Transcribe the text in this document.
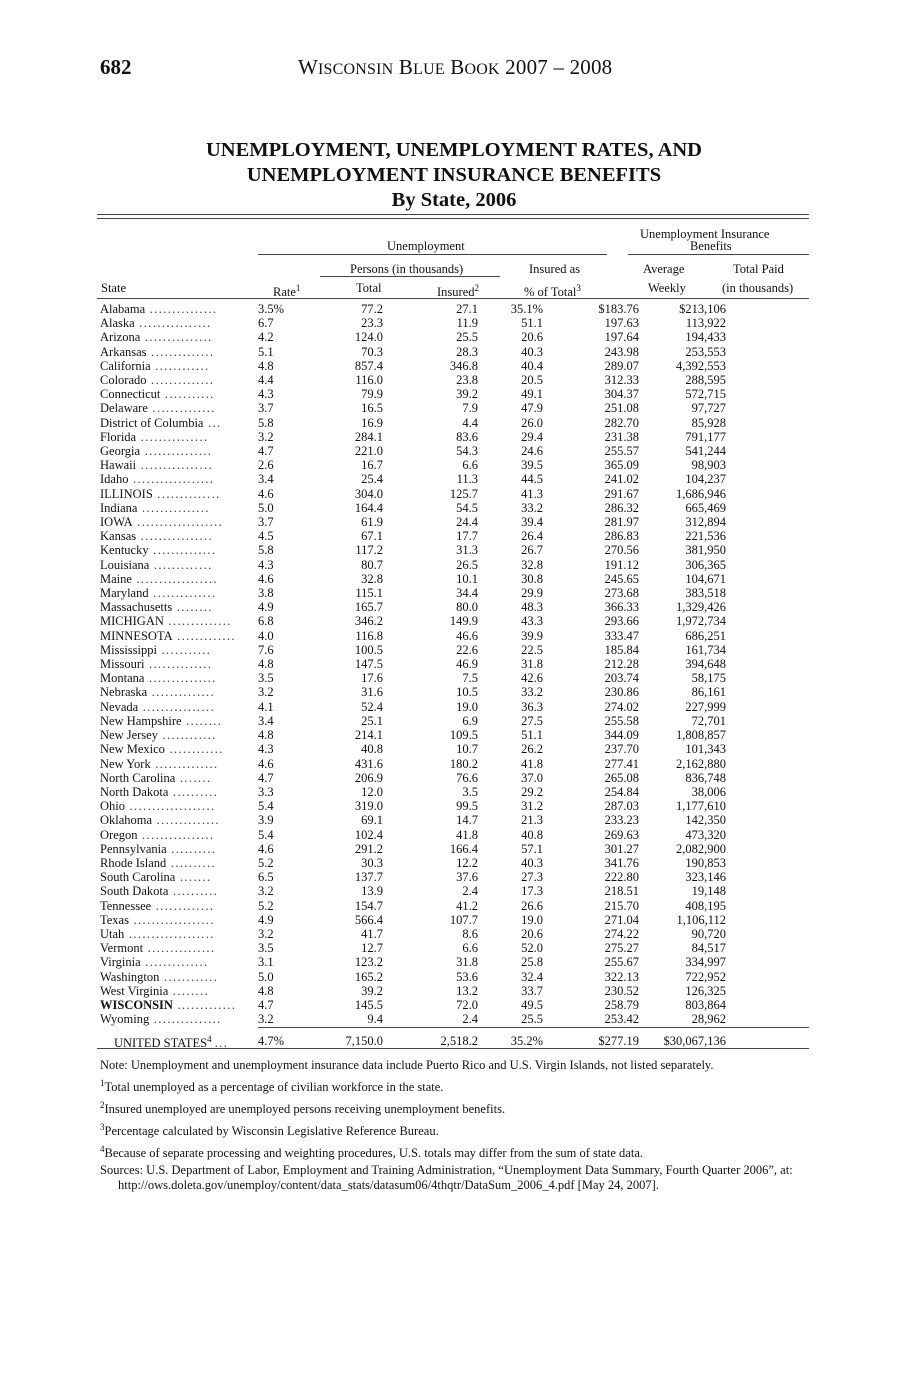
682	WISCONSIN BLUE BOOK 2007 – 2008
UNEMPLOYMENT, UNEMPLOYMENT RATES, AND
UNEMPLOYMENT INSURANCE BENEFITS
By State, 2006
Unemployment
Unemployment Insurance
Benefits
Persons (in thousands)	Insured as	Average	Total Paid
State	Rate$^1$	Total	Insured$^2$	% of Total$^3$	Weekly	(in thousands)
Alabama ...............	3.5%	77.2	27.1	35.1%	$183.76	$213,106
Alaska ................	6.7	23.3	11.9	51.1	197.63	113,922
Arizona ...............	4.2	124.0	25.5	20.6	197.64	194,433
Arkansas ..............	5.1	70.3	28.3	40.3	243.98	253,553
California ............	4.8	857.4	346.8	40.4	289.07	4,392,553
Colorado ..............	4.4	116.0	23.8	20.5	312.33	288,595
Connecticut ...........	4.3	79.9	39.2	49.1	304.37	572,715
Delaware ..............	3.7	16.5	7.9	47.9	251.08	97,727
District of Columbia ...	5.8	16.9	4.4	26.0	282.70	85,928
Florida ...............	3.2	284.1	83.6	29.4	231.38	791,177
Georgia ...............	4.7	221.0	54.3	24.6	255.57	541,244
Hawaii ................	2.6	16.7	6.6	39.5	365.09	98,903
Idaho ..................	3.4	25.4	11.3	44.5	241.02	104,237
ILLINOIS ..............	4.6	304.0	125.7	41.3	291.67	1,686,946
Indiana ...............	5.0	164.4	54.5	33.2	286.32	665,469
IOWA ...................	3.7	61.9	24.4	39.4	281.97	312,894
Kansas ................	4.5	67.1	17.7	26.4	286.83	221,536
Kentucky ..............	5.8	117.2	31.3	26.7	270.56	381,950
Louisiana .............	4.3	80.7	26.5	32.8	191.12	306,365
Maine ..................	4.6	32.8	10.1	30.8	245.65	104,671
Maryland ..............	3.8	115.1	34.4	29.9	273.68	383,518
Massachusetts ........	4.9	165.7	80.0	48.3	366.33	1,329,426
MICHIGAN ..............	6.8	346.2	149.9	43.3	293.66	1,972,734
MINNESOTA .............	4.0	116.8	46.6	39.9	333.47	686,251
Mississippi ...........	7.6	100.5	22.6	22.5	185.84	161,734
Missouri ..............	4.8	147.5	46.9	31.8	212.28	394,648
Montana ...............	3.5	17.6	7.5	42.6	203.74	58,175
Nebraska ..............	3.2	31.6	10.5	33.2	230.86	86,161
Nevada ................	4.1	52.4	19.0	36.3	274.02	227,999
New Hampshire ........	3.4	25.1	6.9	27.5	255.58	72,701
New Jersey ............	4.8	214.1	109.5	51.1	344.09	1,808,857
New Mexico ............	4.3	40.8	10.7	26.2	237.70	101,343
New York ..............	4.6	431.6	180.2	41.8	277.41	2,162,880
North Carolina .......	4.7	206.9	76.6	37.0	265.08	836,748
North Dakota ..........	3.3	12.0	3.5	29.2	254.84	38,006
Ohio ...................	5.4	319.0	99.5	31.2	287.03	1,177,610
Oklahoma ..............	3.9	69.1	14.7	21.3	233.23	142,350
Oregon ................	5.4	102.4	41.8	40.8	269.63	473,320
Pennsylvania ..........	4.6	291.2	166.4	57.1	301.27	2,082,900
Rhode Island ..........	5.2	30.3	12.2	40.3	341.76	190,853
South Carolina .......	6.5	137.7	37.6	27.3	222.80	323,146
South Dakota ..........	3.2	13.9	2.4	17.3	218.51	19,148
Tennessee .............	5.2	154.7	41.2	26.6	215.70	408,195
Texas ..................	4.9	566.4	107.7	19.0	271.04	1,106,112
Utah ...................	3.2	41.7	8.6	20.6	274.22	90,720
Vermont ...............	3.5	12.7	6.6	52.0	275.27	84,517
Virginia ..............	3.1	123.2	31.8	25.8	255.67	334,997
Washington ............	5.0	165.2	53.6	32.4	322.13	722,952
West Virginia ........	4.8	39.2	13.2	33.7	230.52	126,325
WISCONSIN .............	4.7	145.5	72.0	49.5	258.79	803,864
Wyoming ...............	3.2	9.4	2.4	25.5	253.42	28,962
UNITED STATES$^4$ ...	4.7%	7,150.0	2,518.2	35.2%	$277.19	$30,067,136

Note: Unemployment and unemployment insurance data include Puerto Rico and U.S. Virgin Islands, not listed separately.

$^1$Total unemployed as a percentage of civilian workforce in the state.

$^2$Insured unemployed are unemployed persons receiving unemployment benefits.

$^3$Percentage calculated by Wisconsin Legislative Reference Bureau.

$^4$Because of separate processing and weighting procedures, U.S. totals may differ from the sum of state data.

Sources: U.S. Department of Labor, Employment and Training Administration, “Unemployment Data Summary, Fourth Quarter 2006”, at: http://ows.doleta.gov/unemploy/content/data_stats/datasum06/4thqtr/DataSum_2006_4.pdf [May 24, 2007].
